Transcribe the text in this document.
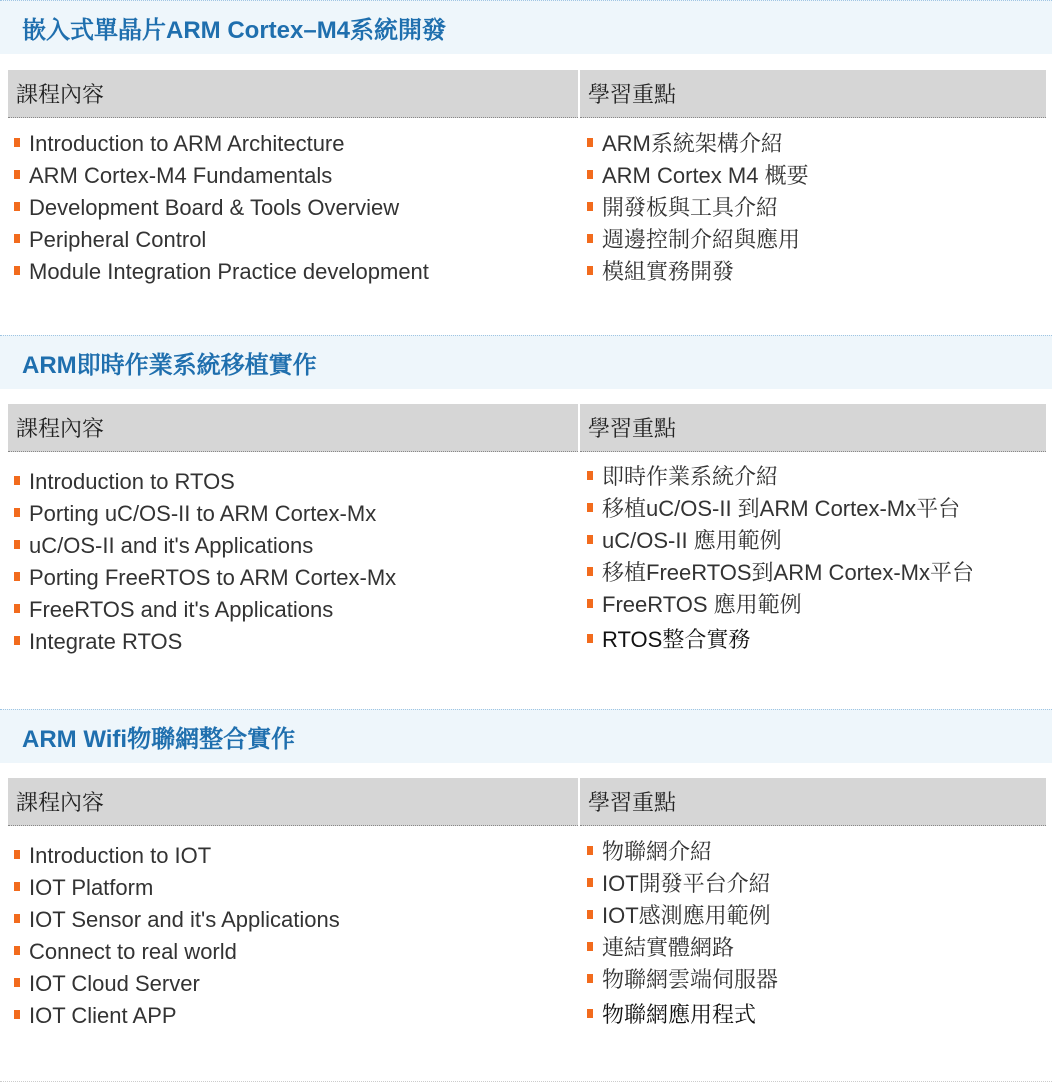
嵌入式單晶片ARM Cortex–M4系統開發
課程內容	學習重點
Introduction to ARM Architecture
ARM Cortex-M4 Fundamentals
Development Board & Tools Overview
Peripheral Control
Module Integration Practice development
ARM系統架構介紹
ARM Cortex M4 概要
開發板與工具介紹
週邊控制介紹與應用
模組實務開發
ARM即時作業系統移植實作
課程內容	學習重點
Introduction to RTOS
Porting uC/OS-II to ARM Cortex-Mx
uC/OS-II and it's Applications
Porting FreeRTOS to ARM Cortex-Mx
FreeRTOS and it's Applications
Integrate RTOS
即時作業系統介紹
移植uC/OS-II 到ARM Cortex-Mx平台
uC/OS-II 應用範例
移植FreeRTOS到ARM Cortex-Mx平台
FreeRTOS 應用範例
RTOS整合實務
ARM Wifi物聯網整合實作
課程內容	學習重點
Introduction to IOT
IOT Platform
IOT Sensor and it's Applications
Connect to real world
IOT Cloud Server
IOT Client APP
物聯網介紹
IOT開發平台介紹
IOT感測應用範例
連結實體網路
物聯網雲端伺服器
物聯網應用程式
